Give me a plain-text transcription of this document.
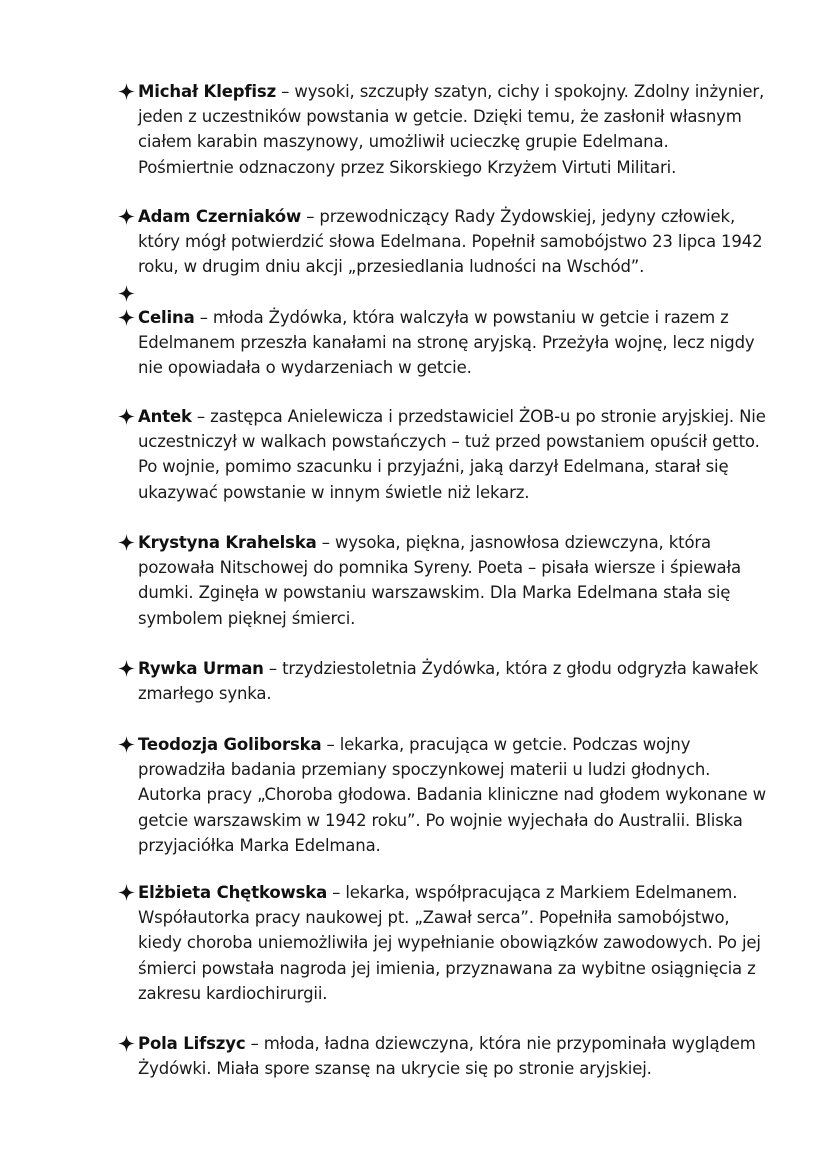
Michał Klepfisz – wysoki, szczupły szatyn, cichy i spokojny. Zdolny inżynier, jeden z uczestników powstania w getcie. Dzięki temu, że zasłonił własnym ciałem karabin maszynowy, umożliwił ucieczkę grupie Edelmana. Pośmiertnie odznaczony przez Sikorskiego Krzyżem Virtuti Militari.
Adam Czerniaków – przewodniczący Rady Żydowskiej, jedyny człowiek, który mógł potwierdzić słowa Edelmana. Popełnił samobójstwo 23 lipca 1942 roku, w drugim dniu akcji „przesiedlania ludności na Wschód”.
Celina – młoda Żydówka, która walczyła w powstaniu w getcie i razem z Edelmanem przeszła kanałami na stronę aryjską. Przeżyła wojnę, lecz nigdy nie opowiadała o wydarzeniach w getcie.
Antek – zastępca Anielewicza i przedstawiciel ŻOB-u po stronie aryjskiej. Nie uczestniczył w walkach powstańczych – tuż przed powstaniem opuścił getto. Po wojnie, pomimo szacunku i przyjaźni, jaką darzył Edelmana, starał się ukazywać powstanie w innym świetle niż lekarz.
Krystyna Krahelska – wysoka, piękna, jasnowłosa dziewczyna, która pozowała Nitschowej do pomnika Syreny. Poeta – pisała wiersze i śpiewała dumki. Zginęła w powstaniu warszawskim. Dla Marka Edelmana stała się symbolem pięknej śmierci.
Rywka Urman – trzydziestoletnia Żydówka, która z głodu odgryzła kawałek zmarłego synka.
Teodozja Goliborska – lekarka, pracująca w getcie. Podczas wojny prowadziła badania przemiany spoczynkowej materii u ludzi głodnych. Autorka pracy „Choroba głodowa. Badania kliniczne nad głodem wykonane w getcie warszawskim w 1942 roku”. Po wojnie wyjechała do Australii. Bliska przyjaciółka Marka Edelmana.
Elżbieta Chętkowska – lekarka, współpracująca z Markiem Edelmanem. Współautorka pracy naukowej pt. „Zawał serca”. Popełniła samobójstwo, kiedy choroba uniemożliwiła jej wypełnianie obowiązków zawodowych. Po jej śmierci powstała nagroda jej imienia, przyznawana za wybitne osiągnięcia z zakresu kardiochirurgii.
Pola Lifszyc – młoda, ładna dziewczyna, która nie przypominała wyglądem Żydówki. Miała spore szansę na ukrycie się po stronie aryjskiej.
